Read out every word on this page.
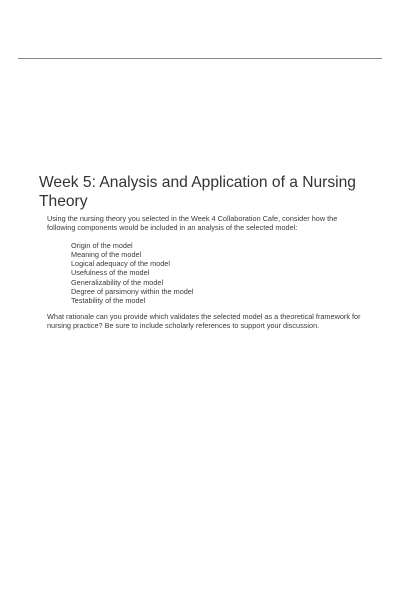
Week 5: Analysis and Application of a Nursing Theory

Using the nursing theory you selected in the Week 4 Collaboration Cafe, consider how the following components would be included in an analysis of the selected model:

Origin of the model
Meaning of the model
Logical adequacy of the model
Usefulness of the model
Generalizability of the model
Degree of parsimony within the model
Testability of the model

What rationale can you provide which validates the selected model as a theoretical framework for nursing practice? Be sure to include scholarly references to support your discussion.
